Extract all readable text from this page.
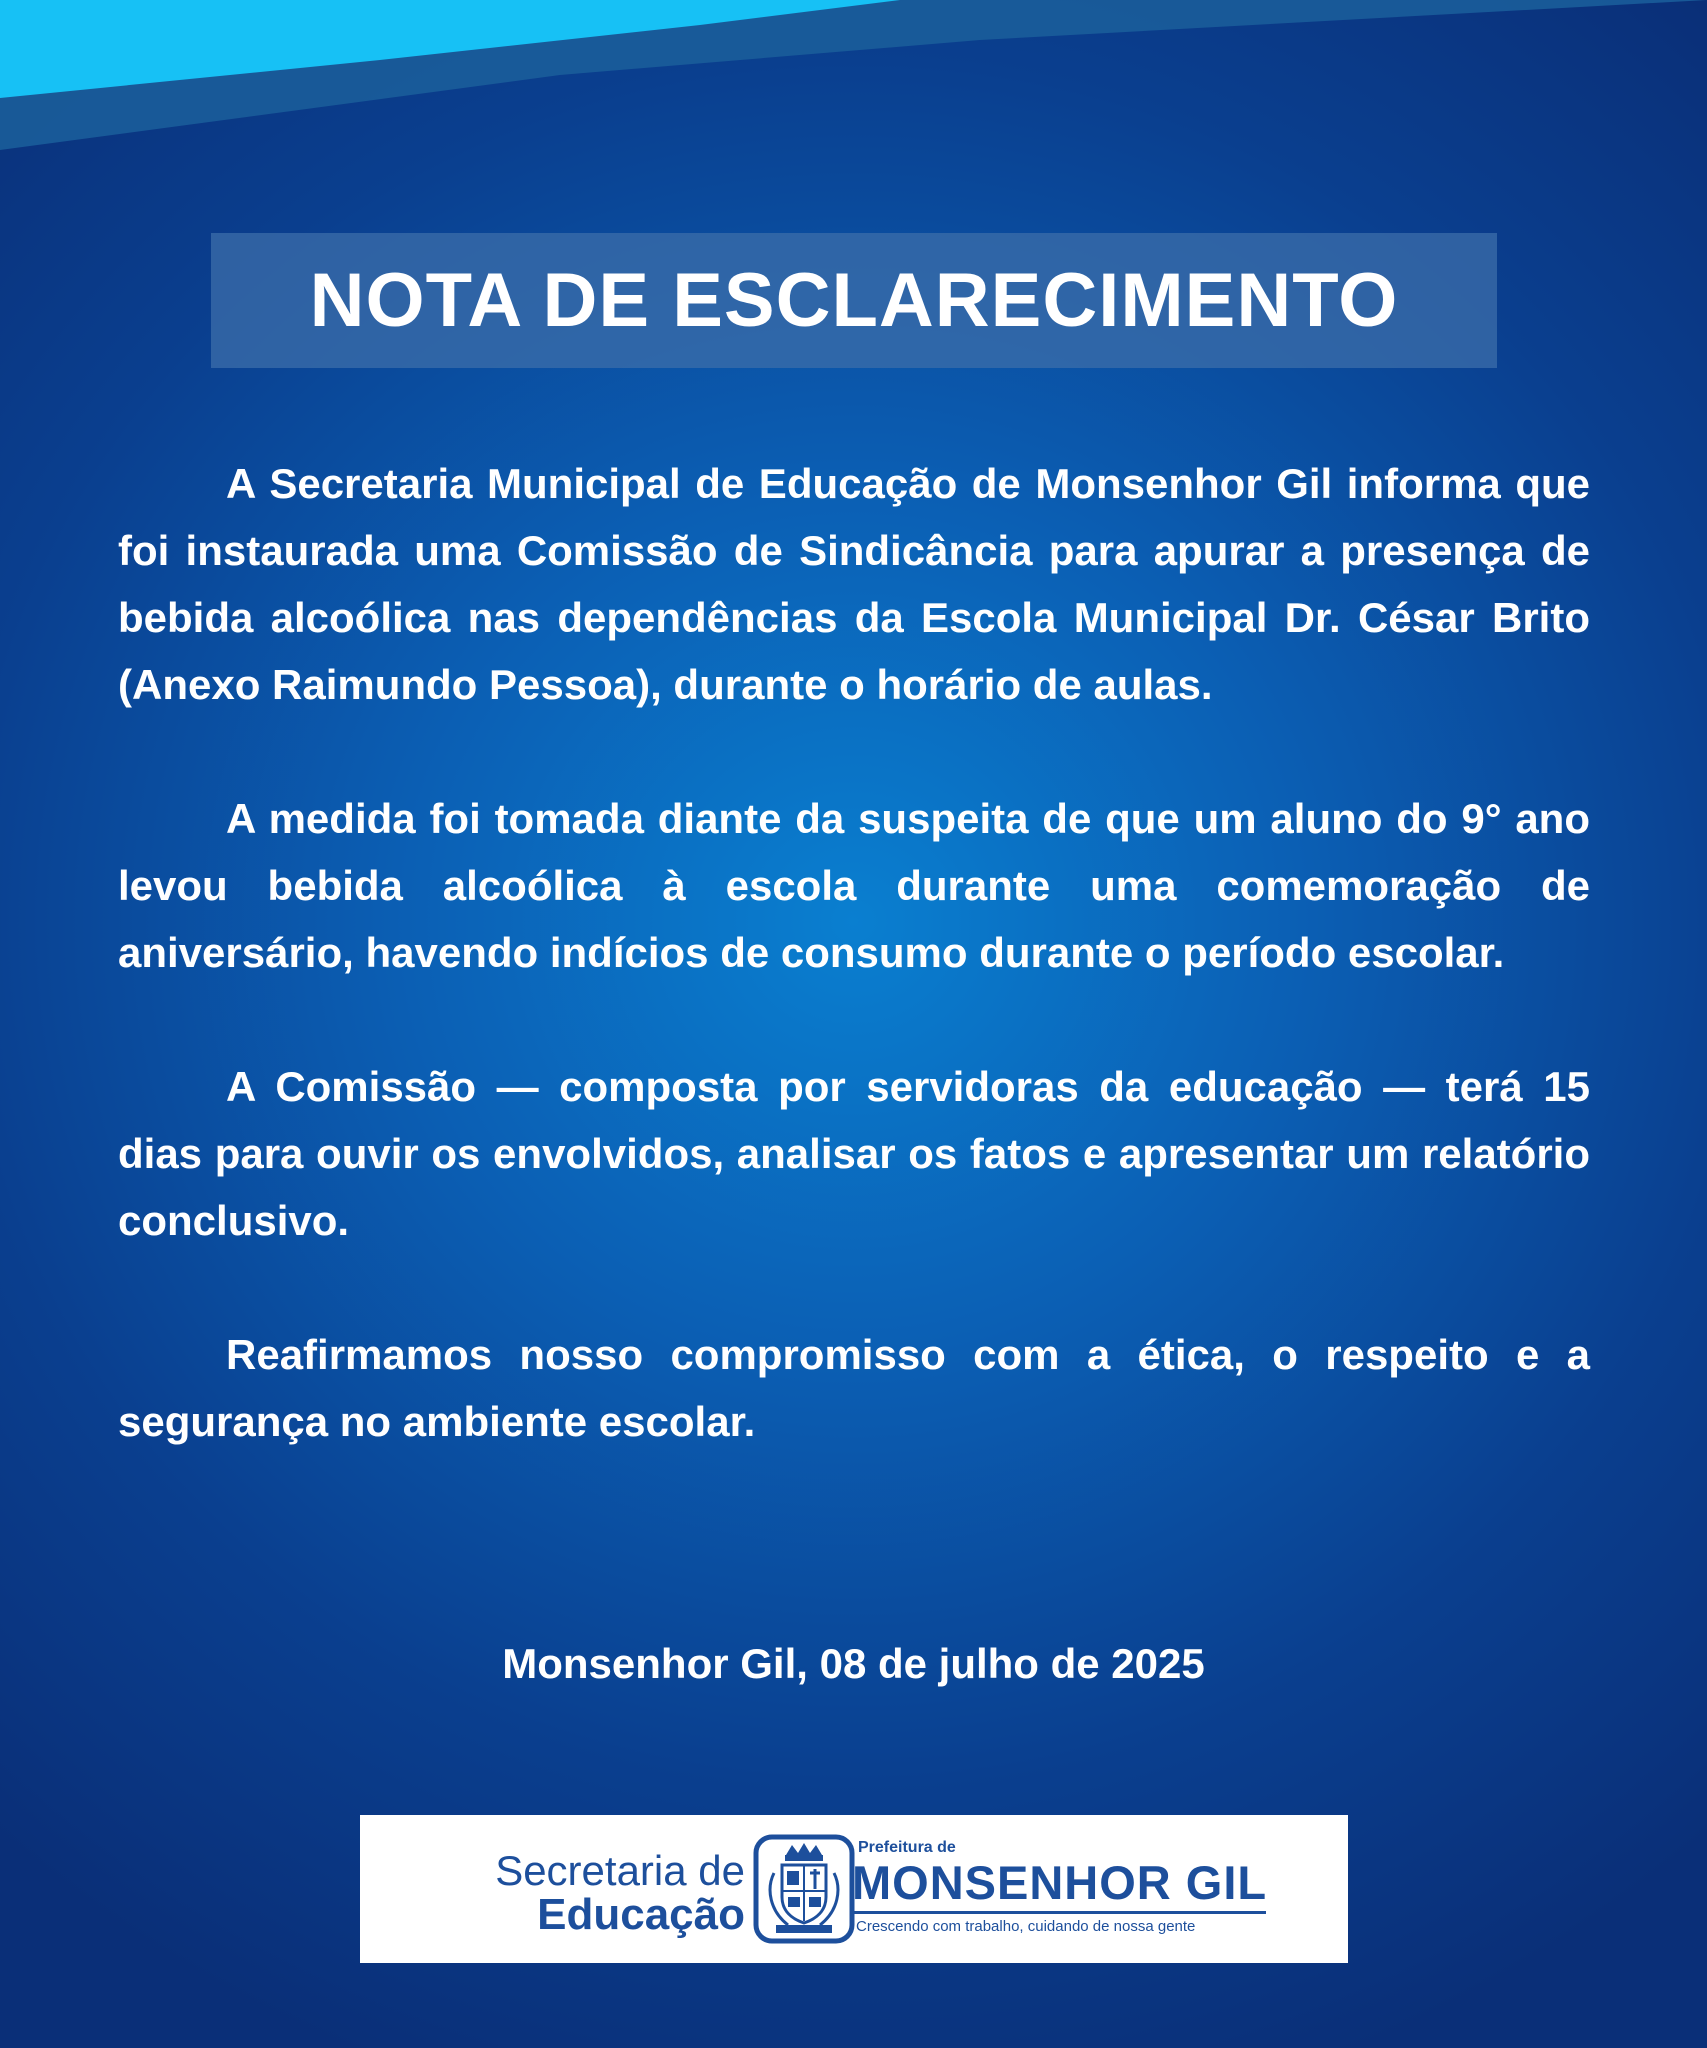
NOTA DE ESCLARECIMENTO

A Secretaria Municipal de Educação de Monsenhor Gil informa que foi instaurada uma Comissão de Sindicância para apurar a presença de bebida alcoólica nas dependências da Escola Municipal Dr. César Brito (Anexo Raimundo Pessoa), durante o horário de aulas.

A medida foi tomada diante da suspeita de que um aluno do 9° ano levou bebida alcoólica à escola durante uma comemoração de aniversário, havendo indícios de consumo durante o período escolar.

A Comissão — composta por servidoras da educação — terá 15 dias para ouvir os envolvidos, analisar os fatos e apresentar um relatório conclusivo.

Reafirmamos nosso compromisso com a ética, o respeito e a segurança no ambiente escolar.

Monsenhor Gil, 08 de julho de 2025
Secretaria de
Educação
Prefeitura de
MONSENHOR GIL
Crescendo com trabalho, cuidando de nossa gente
